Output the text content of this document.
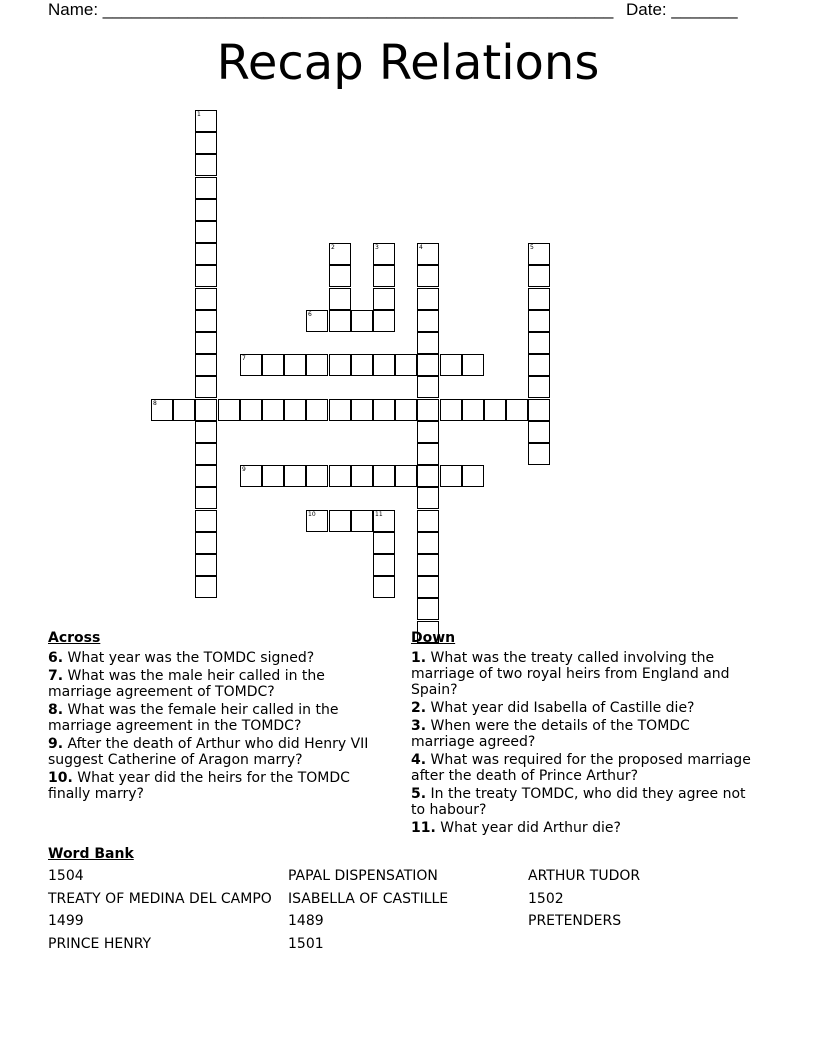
Name: ______________________________________________________ Date: _______
Recap Relations
1
2	3	4	5
6
7
8
9
10	11
Across
6. What year was the TOMDC signed?
7. What was the male heir called in the marriage agreement of TOMDC?
8. What was the female heir called in the marriage agreement in the TOMDC?
9. After the death of Arthur who did Henry VII suggest Catherine of Aragon marry?
10. What year did the heirs for the TOMDC finally marry?
Down
1. What was the treaty called involving the marriage of two royal heirs from England and Spain?
2. What year did Isabella of Castille die?
3. When were the details of the TOMDC marriage agreed?
4. What was required for the proposed marriage after the death of Prince Arthur?
5. In the treaty TOMDC, who did they agree not to habour?
11. What year did Arthur die?
Word Bank
1504
TREATY OF MEDINA DEL CAMPO
1499
PRINCE HENRY
PAPAL DISPENSATION
ISABELLA OF CASTILLE
1489
1501
ARTHUR TUDOR
1502
PRETENDERS
